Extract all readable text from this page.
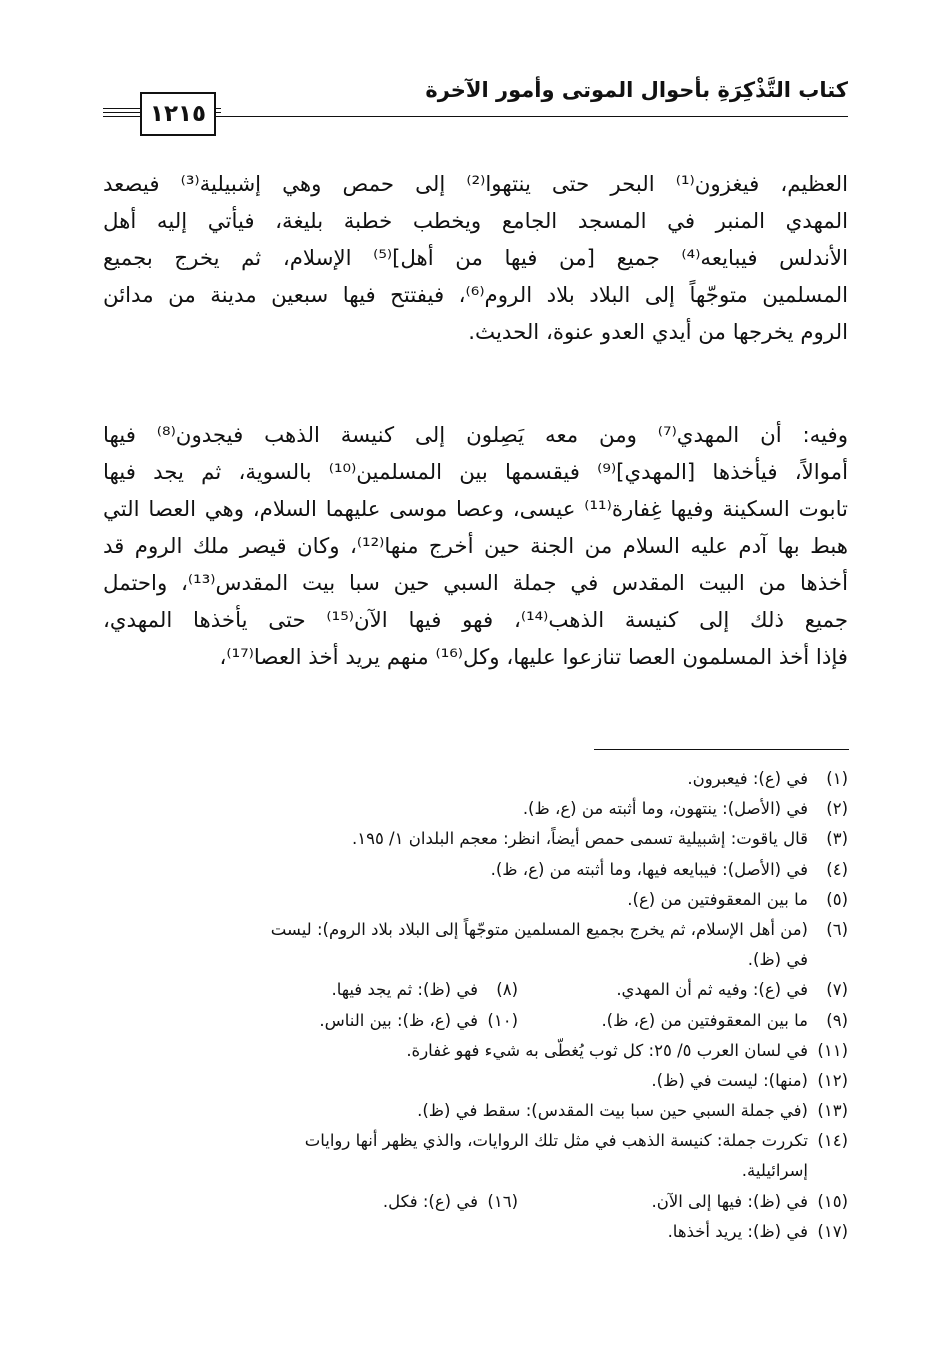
كتاب التَّذْكِرَةِ بأحوال الموتى وأمور الآخرة
١٢١٥
العظيم، فيغزون⁽¹⁾ البحر حتى ينتهوا⁽²⁾ إلى حمص وهي إشبيلية⁽³⁾ فيصعد
المهدي المنبر في المسجد الجامع ويخطب خطبة بليغة، فيأتي إليه أهل
الأندلس فيبايعه⁽⁴⁾ جميع [من فيها من أهل]⁽⁵⁾ الإسلام، ثم يخرج بجميع
المسلمين متوجّهاً إلى البلاد بلاد الروم⁽⁶⁾، فيفتتح فيها سبعين مدينة من مدائن
الروم يخرجها من أيدي العدو عنوة، الحديث.
وفيه: أن المهدي⁽⁷⁾ ومن معه يَصِلون إلى كنيسة الذهب فيجدون⁽⁸⁾ فيها
أموالاً، فيأخذها [المهدي]⁽⁹⁾ فيقسمها بين المسلمين⁽¹⁰⁾ بالسوية، ثم يجد فيها
تابوت السكينة وفيها غِفارة⁽¹¹⁾ عيسى، وعصا موسى عليهما السلام، وهي العصا التي
هبط بها آدم عليه السلام من الجنة حين أخرج منها⁽¹²⁾، وكان قيصر ملك الروم قد
أخذها من البيت المقدس في جملة السبي حين سبا بيت المقدس⁽¹³⁾، واحتمل
جميع ذلك إلى كنيسة الذهب⁽¹⁴⁾، فهو فيها الآن⁽¹⁵⁾ حتى يأخذها المهدي،
فإذا أخذ المسلمون العصا تنازعوا عليها، وكل⁽¹⁶⁾ منهم يريد أخذ العصا⁽¹⁷⁾،
(١)
في (ع): فيعبرون.
(٢)
في (الأصل): ينتهون، وما أثبته من (ع، ظ).
(٣)
قال ياقوت: إشبيلية تسمى حمص أيضاً، انظر: معجم البلدان ١/ ١٩٥.
(٤)
في (الأصل): فيبايعه فيها، وما أثبته من (ع، ظ).
(٥)
ما بين المعقوفتين من (ع).
(٦)
(من أهل الإسلام، ثم يخرج بجميع المسلمين متوجّهاً إلى البلاد بلاد الروم): ليست
في (ظ).
(٧)
في (ع): وفيه ثم أن المهدي.
(٨)
في (ظ): ثم يجد فيها.
(٩)
ما بين المعقوفتين من (ع، ظ).
(١٠)
في (ع، ظ): بين الناس.
(١١)
في لسان العرب ٥/ ٢٥: كل ثوب يُغطّى به شيء فهو غفارة.
(١٢)
(منها): ليست في (ظ).
(١٣)
(في جملة السبي حين سبا بيت المقدس): سقط في (ظ).
(١٤)
تكررت جملة: كنيسة الذهب في مثل تلك الروايات، والذي يظهر أنها روايات
إسرائيلية.
(١٥)
في (ظ): فيها إلى الآن.
(١٦)
في (ع): فكل.
(١٧)
في (ظ): يريد أخذها.
